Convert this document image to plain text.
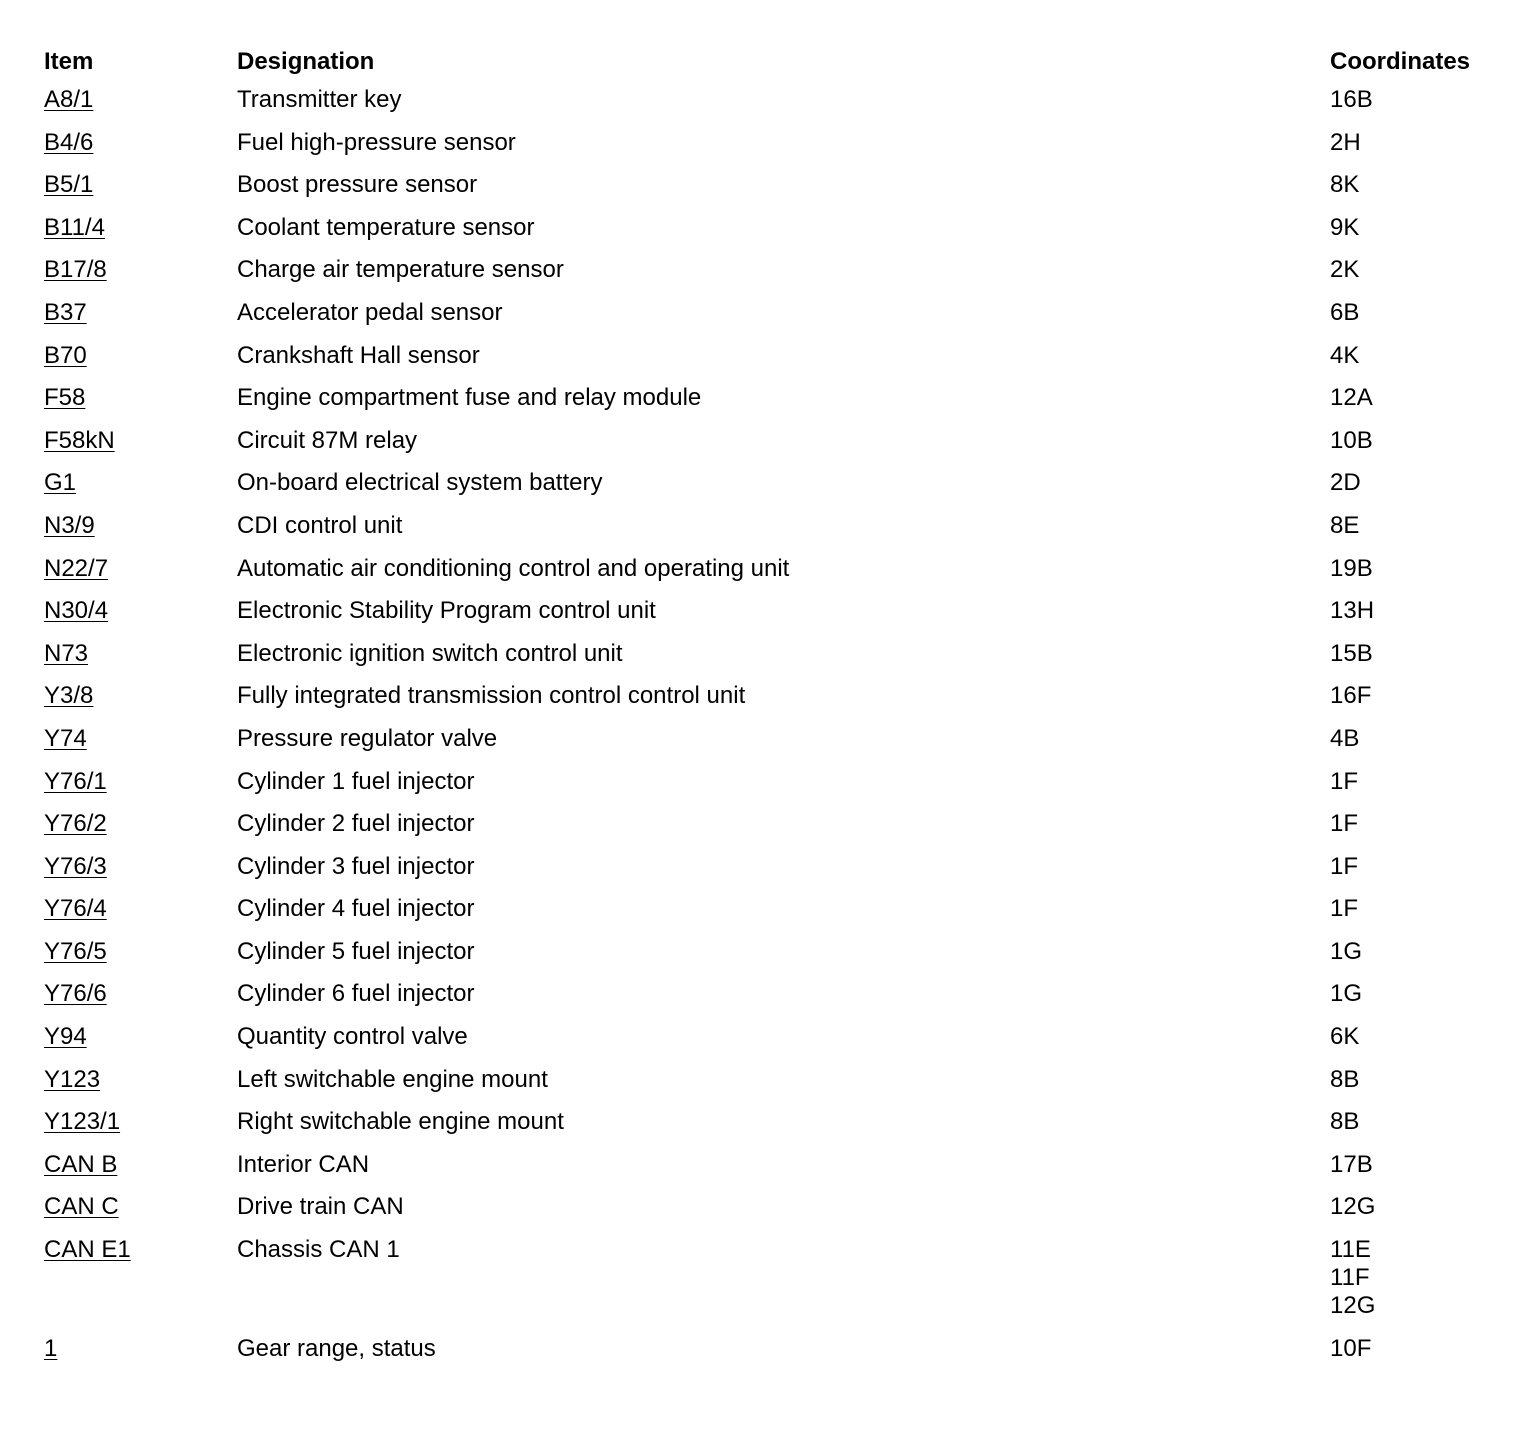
Item	Designation	Coordinates
A8/1	Transmitter key	16B

B4/6	Fuel high-pressure sensor	2H

B5/1	Boost pressure sensor	8K

B11/4	Coolant temperature sensor	9K

B17/8	Charge air temperature sensor	2K

B37	Accelerator pedal sensor	6B

B70	Crankshaft Hall sensor	4K

F58	Engine compartment fuse and relay module	12A

F58kN	Circuit 87M relay	10B

G1	On-board electrical system battery	2D

N3/9	CDI control unit	8E

N22/7	Automatic air conditioning control and operating unit	19B

N30/4	Electronic Stability Program control unit	13H

N73	Electronic ignition switch control unit	15B

Y3/8	Fully integrated transmission control control unit	16F

Y74	Pressure regulator valve	4B

Y76/1	Cylinder 1 fuel injector	1F

Y76/2	Cylinder 2 fuel injector	1F

Y76/3	Cylinder 3 fuel injector	1F

Y76/4	Cylinder 4 fuel injector	1F

Y76/5	Cylinder 5 fuel injector	1G

Y76/6	Cylinder 6 fuel injector	1G

Y94	Quantity control valve	6K

Y123	Left switchable engine mount	8B

Y123/1	Right switchable engine mount	8B

CAN B	Interior CAN	17B

CAN C	Drive train CAN	12G

CAN E1	Chassis CAN 1	11E
11F
12G

1	Gear range, status	10F
